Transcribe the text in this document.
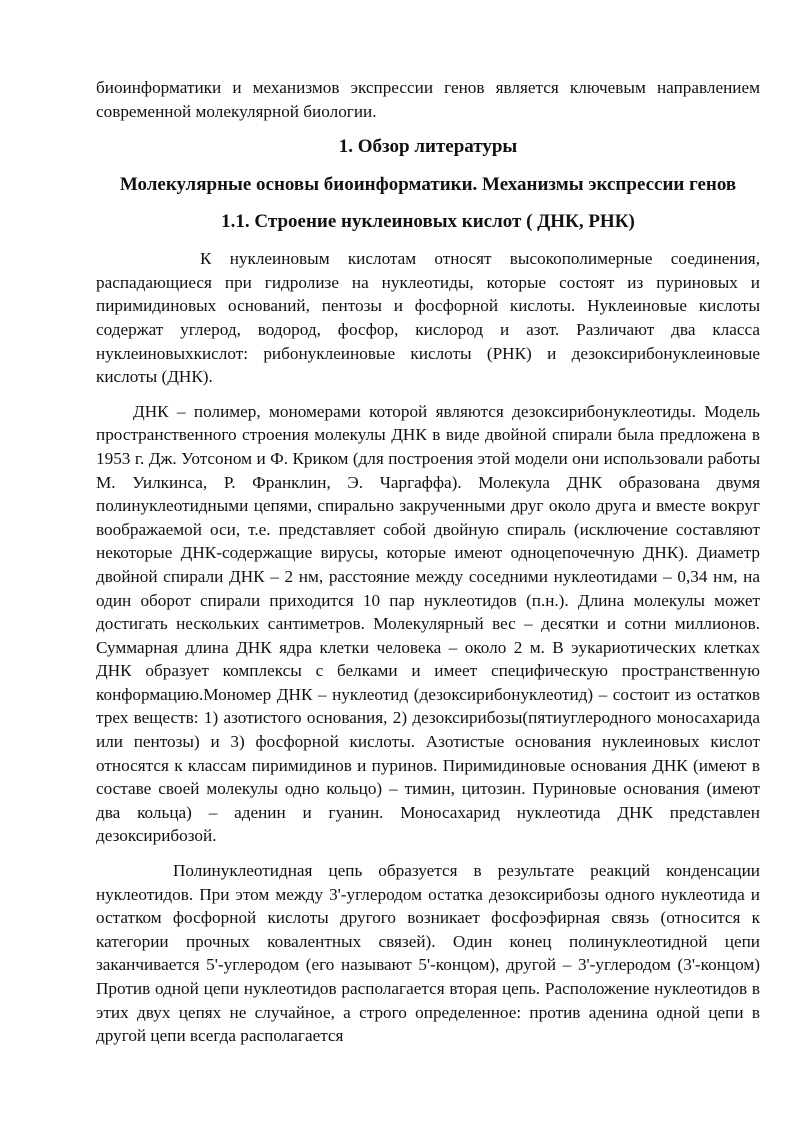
биоинформатики и механизмов экспрессии генов является ключевым направлением современной молекулярной биологии.

1. Обзор литературы
Молекулярные основы биоинформатики. Механизмы экспрессии генов
1.1. Строение нуклеиновых кислот ( ДНК, РНК)

К нуклеиновым кислотам относят высокополимерные соединения, распадающиеся при гидролизе на нуклеотиды, которые состоят из пуриновых и пиримидиновых оснований, пентозы и фосфорной кислоты. Нуклеиновые кислоты содержат углерод, водород, фосфор, кислород и азот. Различают два класса нуклеиновыхкислот: рибонуклеиновые кислоты (РНК) и дезоксирибонуклеиновые кислоты (ДНК).

ДНК – полимер, мономерами которой являются дезоксирибонуклеотиды. Модель пространственного строения молекулы ДНК в виде двойной спирали была предложена в 1953 г. Дж. Уотсоном и Ф. Криком (для построения этой модели они использовали работы М. Уилкинса, Р. Франклин, Э. Чаргаффа). Молекула ДНК образована двумя полинуклеотидными цепями, спирально закрученными друг около друга и вместе вокруг воображаемой оси, т.е. представляет собой двойную спираль (исключение составляют некоторые ДНК-содержащие вирусы, которые имеют одноцепочечную ДНК). Диаметр двойной спирали ДНК – 2 нм, расстояние между соседними нуклеотидами – 0,34 нм, на один оборот спирали приходится 10 пар нуклеотидов (п.н.). Длина молекулы может достигать нескольких сантиметров. Молекулярный вес – десятки и сотни миллионов. Суммарная длина ДНК ядра клетки человека – около 2 м. В эукариотических клетках ДНК образует комплексы с белками и имеет специфическую пространственную конформацию.Мономер ДНК – нуклеотид (дезоксирибонуклеотид) – состоит из остатков трех веществ: 1) азотистого основания, 2) дезоксирибозы(пятиуглеродного моносахарида или пентозы) и 3) фосфорной кислоты. Азотистые основания нуклеиновых кислот относятся к классам пиримидинов и пуринов. Пиримидиновые основания ДНК (имеют в составе своей молекулы одно кольцо) – тимин, цитозин. Пуриновые основания (имеют два кольца) – аденин и гуанин. Моносахарид нуклеотида ДНК представлен дезоксирибозой.

Полинуклеотидная цепь образуется в результате реакций конденсации нуклеотидов. При этом между 3'-углеродом остатка дезоксирибозы одного нуклеотида и остатком фосфорной кислоты другого возникает фосфоэфирная связь (относится к категории прочных ковалентных связей). Один конец полинуклеотидной цепи заканчивается 5'-углеродом (его называют 5'-концом), другой – 3'-углеродом (3'-концом) Против одной цепи нуклеотидов располагается вторая цепь. Расположение нуклеотидов в этих двух цепях не случайное, а строго определенное: против аденина одной цепи в другой цепи всегда располагается
